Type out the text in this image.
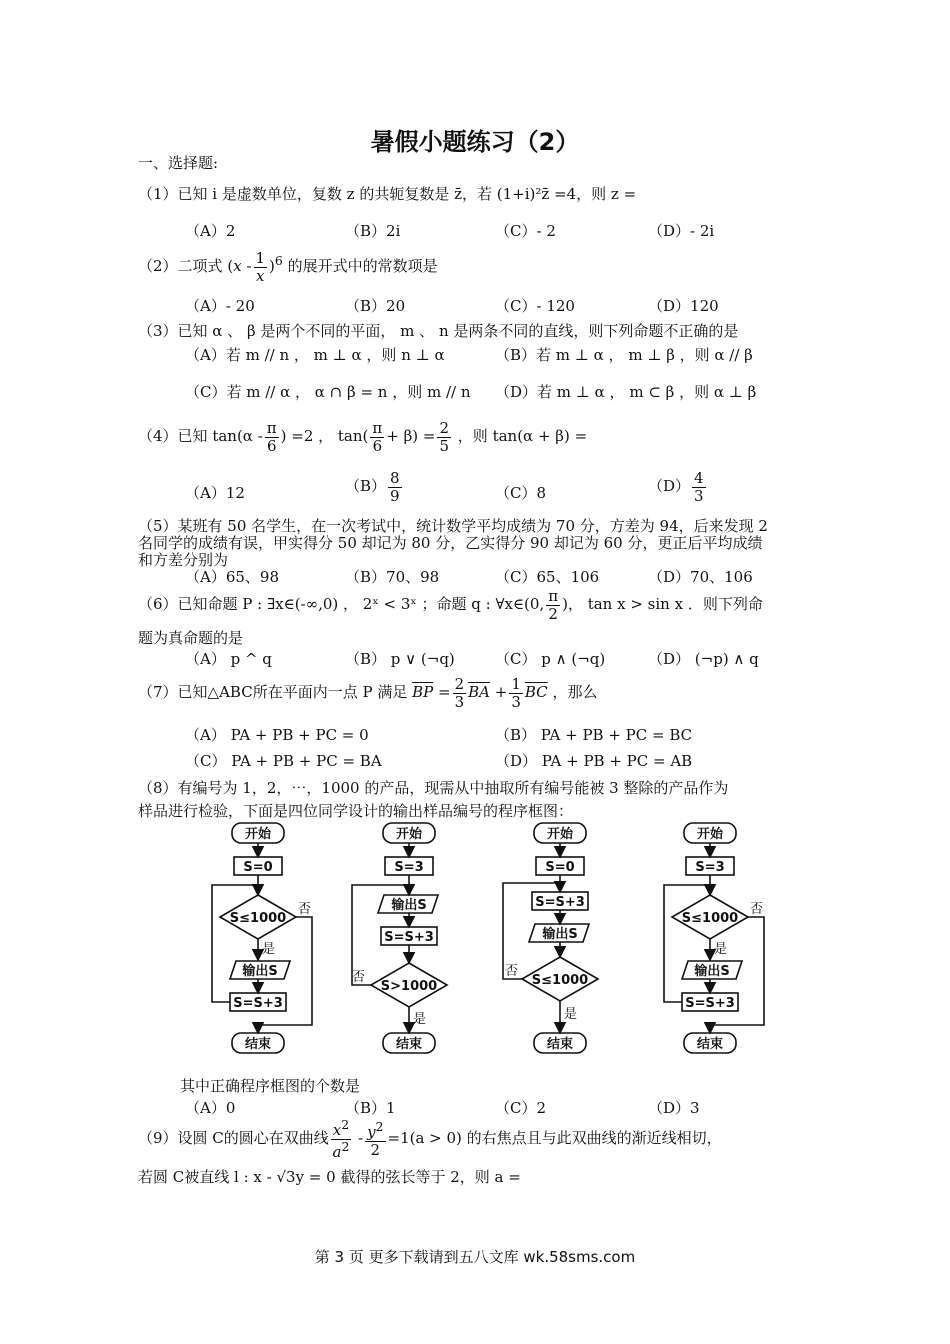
暑假小题练习（2）
一、选择题:
（1）已知 i 是虚数单位，复数 z 的共轭复数是 z̄，若 (1+i)²z̄ =4，则 z =
（A）2	（B）2i	（C）- 2	（D）- 2i
（2）二项式 $(x - \frac{1}{x} )^6$ 的展开式中的常数项是
（A）- 20	（B）20	（C）- 120	（D）120
（3）已知 α 、 β 是两个不同的平面， m 、 n 是两条不同的直线，则下列命题不正确的是
（A）若 m // n ， m ⊥ α ，则 n ⊥ α	（B）若 m ⊥ α ， m ⊥ β ，则 α // β
（C）若 m // α ， α ∩ β = n ，则 m // n （D）若 m ⊥ α ， m ⊂ β ，则 α ⊥ β
（4）已知 $\tan(\alpha - \frac{\pi}{6}$ ) =2 ， $\tan( \frac{\pi}{6} + \beta) = \frac{2}{5}$ ，则 tan(α + β) =
（A）12	$(B) \frac{8}{9}$	（C）8	$(D) \frac{4}{3}$
（5）某班有 50 名学生，在一次考试中，统计数学平均成绩为 70 分，方差为 94，后来发现 2
名同学的成绩有误，甲实得分 50 却记为 80 分，乙实得分 90 却记为 60 分，更正后平均成绩
和方差分别为
（A）65、98	（B）70、98	（C）65、106	（D）70、106
（6）已知命题 P : ∃x∈(-∞,0) ， 2ˣ < 3ˣ ；命题 q : ∀x∈(0, $\frac{\pi}{2}$ )， tan x > sin x ．则下列命
题为真命题的是
（A） p ^ q	（B） p ∨ (¬q)	（C） p ∧ (¬q)	（D） (¬p) ∧ q
（7）已知△ABC所在平面内一点 P 满足 $\overline{BP} = \frac{2}{3} \overline{BA} + \frac{1}{3} \overline{BC}$ ，那么
（A） PA + PB + PC = 0	（B） PA + PB + PC = BC
（C） PA + PB + PC = BA	（D） PA + PB + PC = AB
（8）有编号为 1，2，⋯，1000 的产品，现需从中抽取所有编号能被 3 整除的产品作为
样品进行检验，下面是四位同学设计的输出样品编号的程序框图：
开始
S=0
S≤1000
是
输出S
S=S+3
否
结束
开始
S=3
输出S
S=S+3
S>1000
否
是
结束
开始
S=0
S=S+3
输出S
S≤1000
否
是
结束
开始
S=3
S≤1000
是
输出S
S=S+3
否
结束
其中正确程序框图的个数是
（A）0	（B）1	（C）2	（D）3
（9）设圆 C的圆心在双曲线 $\frac{x^2}{a^2} - \frac{y^2}{2} =1(a > 0)$ 的右焦点且与此双曲线的渐近线相切，
若圆 C被直线 l : x - √3y = 0 截得的弦长等于 2，则 a =
第 3 页 更多下载请到五八文库 wk.58sms.com
